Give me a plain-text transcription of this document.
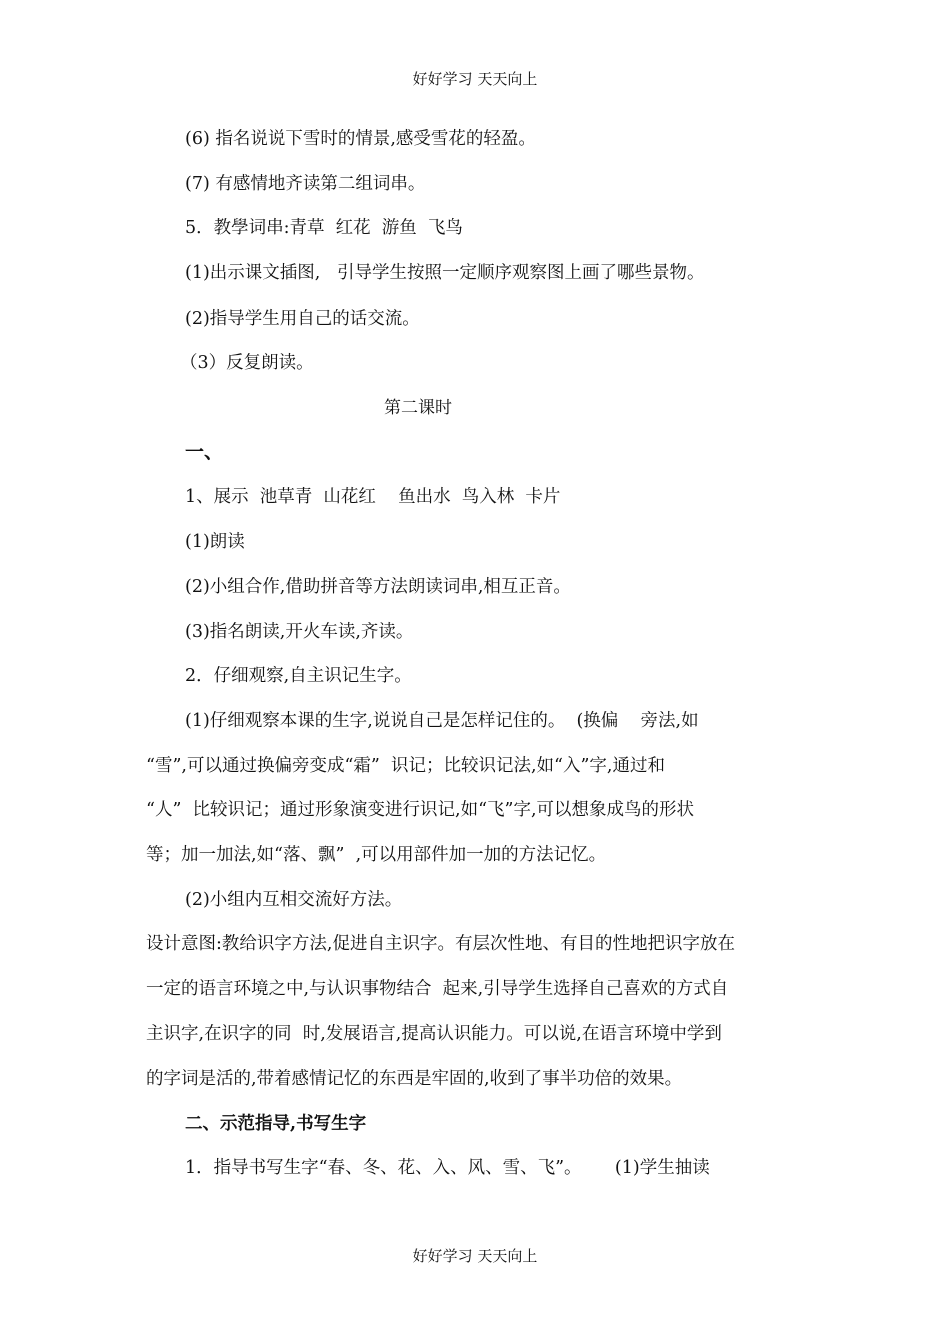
好好学习 天天向上
(6) 指名说说下雪时的情景,感受雪花的轻盈。
(7) 有感情地齐读第二组词串。
5．教學词串:青草  红花  游鱼  飞鸟
(1)出示课文插图,   引导学生按照一定顺序观察图上画了哪些景物。
(2)指导学生用自己的话交流。
（3）反复朗读。
第二课时
一、
1、展示  池草青  山花红    鱼出水  鸟入林  卡片
(1)朗读
(2)小组合作,借助拼音等方法朗读词串,相互正音。
(3)指名朗读,开火车读,齐读。
2．仔细观察,自主识记生字。
(1)仔细观察本课的生字,说说自己是怎样记住的。  (换偏    旁法,如
“雪”,可以通过换偏旁变成“霜”  识记；比较识记法,如“入”字,通过和
“人”  比较识记；通过形象演变进行识记,如“飞”字,可以想象成鸟的形状
等；加一加法,如“落、飘”  ,可以用部件加一加的方法记忆。
(2)小组内互相交流好方法。
设计意图:教给识字方法,促进自主识字。有层次性地、有目的性地把识字放在
一定的语言环境之中,与认识事物结合  起来,引导学生选择自己喜欢的方式自
主识字,在识字的同  时,发展语言,提高认识能力。可以说,在语言环境中学到
的字词是活的,带着感情记忆的东西是牢固的,收到了事半功倍的效果。
二、示范指导,书写生字
1．指导书写生字“春、冬、花、入、风、雪、飞”。      (1)学生抽读
好好学习 天天向上
